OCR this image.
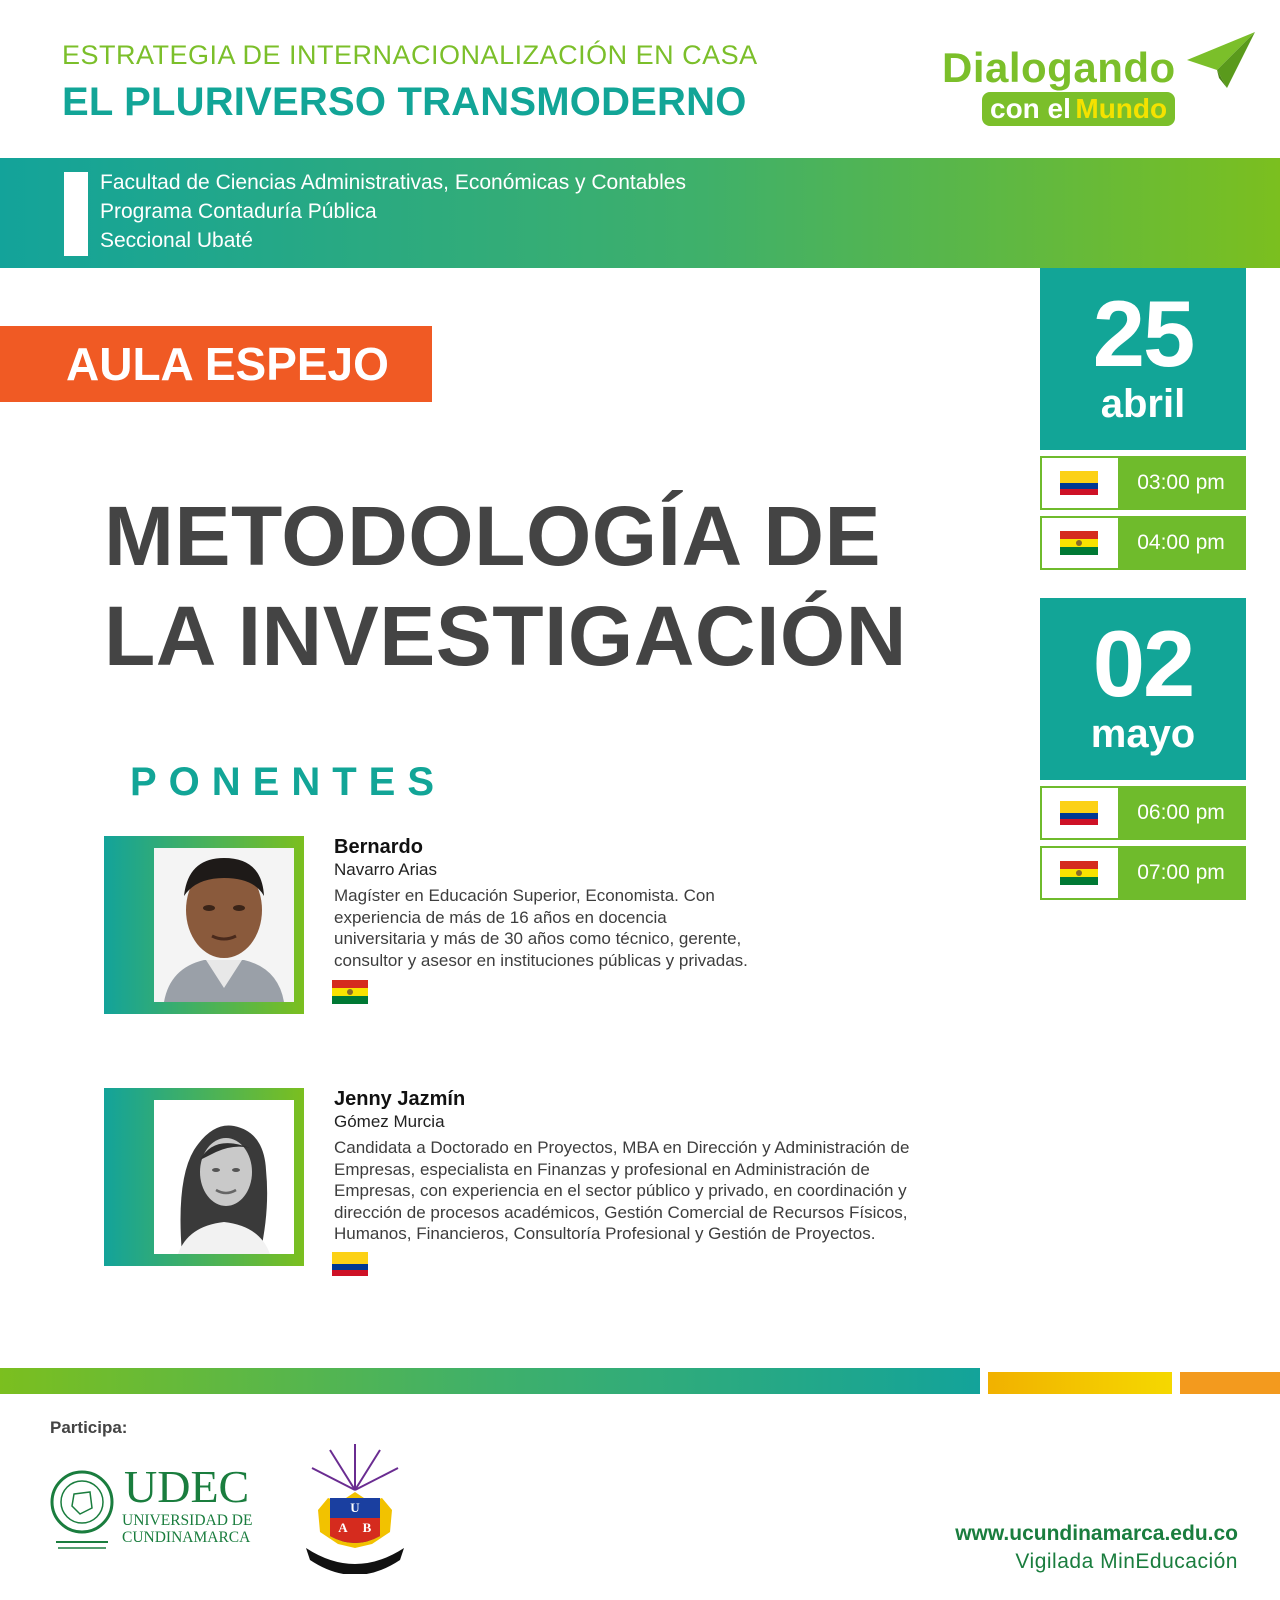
ESTRATEGIA DE INTERNACIONALIZACIÓN EN CASA
EL PLURIVERSO TRANSMODERNO
Dialogando
con el Mundo
Facultad de Ciencias Administrativas, Económicas y Contables
Programa Contaduría Pública
Seccional Ubaté
AULA ESPEJO
METODOLOGÍA DE
LA INVESTIGACIÓN
PONENTES
Bernardo
Navarro Arias
Magíster en Educación Superior, Economista. Con experiencia de más de 16 años en docencia universitaria y más de 30 años como técnico, gerente, consultor y asesor en instituciones públicas y privadas.
Jenny Jazmín
Gómez Murcia
Candidata a Doctorado en Proyectos, MBA en Dirección y Administración de Empresas, especialista en Finanzas y profesional en Administración de Empresas, con experiencia en el sector público y privado, en coordinación y dirección de procesos académicos, Gestión Comercial de Recursos Físicos, Humanos, Financieros, Consultoría Profesional y Gestión de Proyectos.
25
abril
03:00 pm
04:00 pm
02
mayo
06:00 pm
07:00 pm
Participa:
UDEC
UNIVERSIDAD DE
CUNDINAMARCA
U
A B	www.ucundinamarca.edu.co
Vigilada MinEducación
